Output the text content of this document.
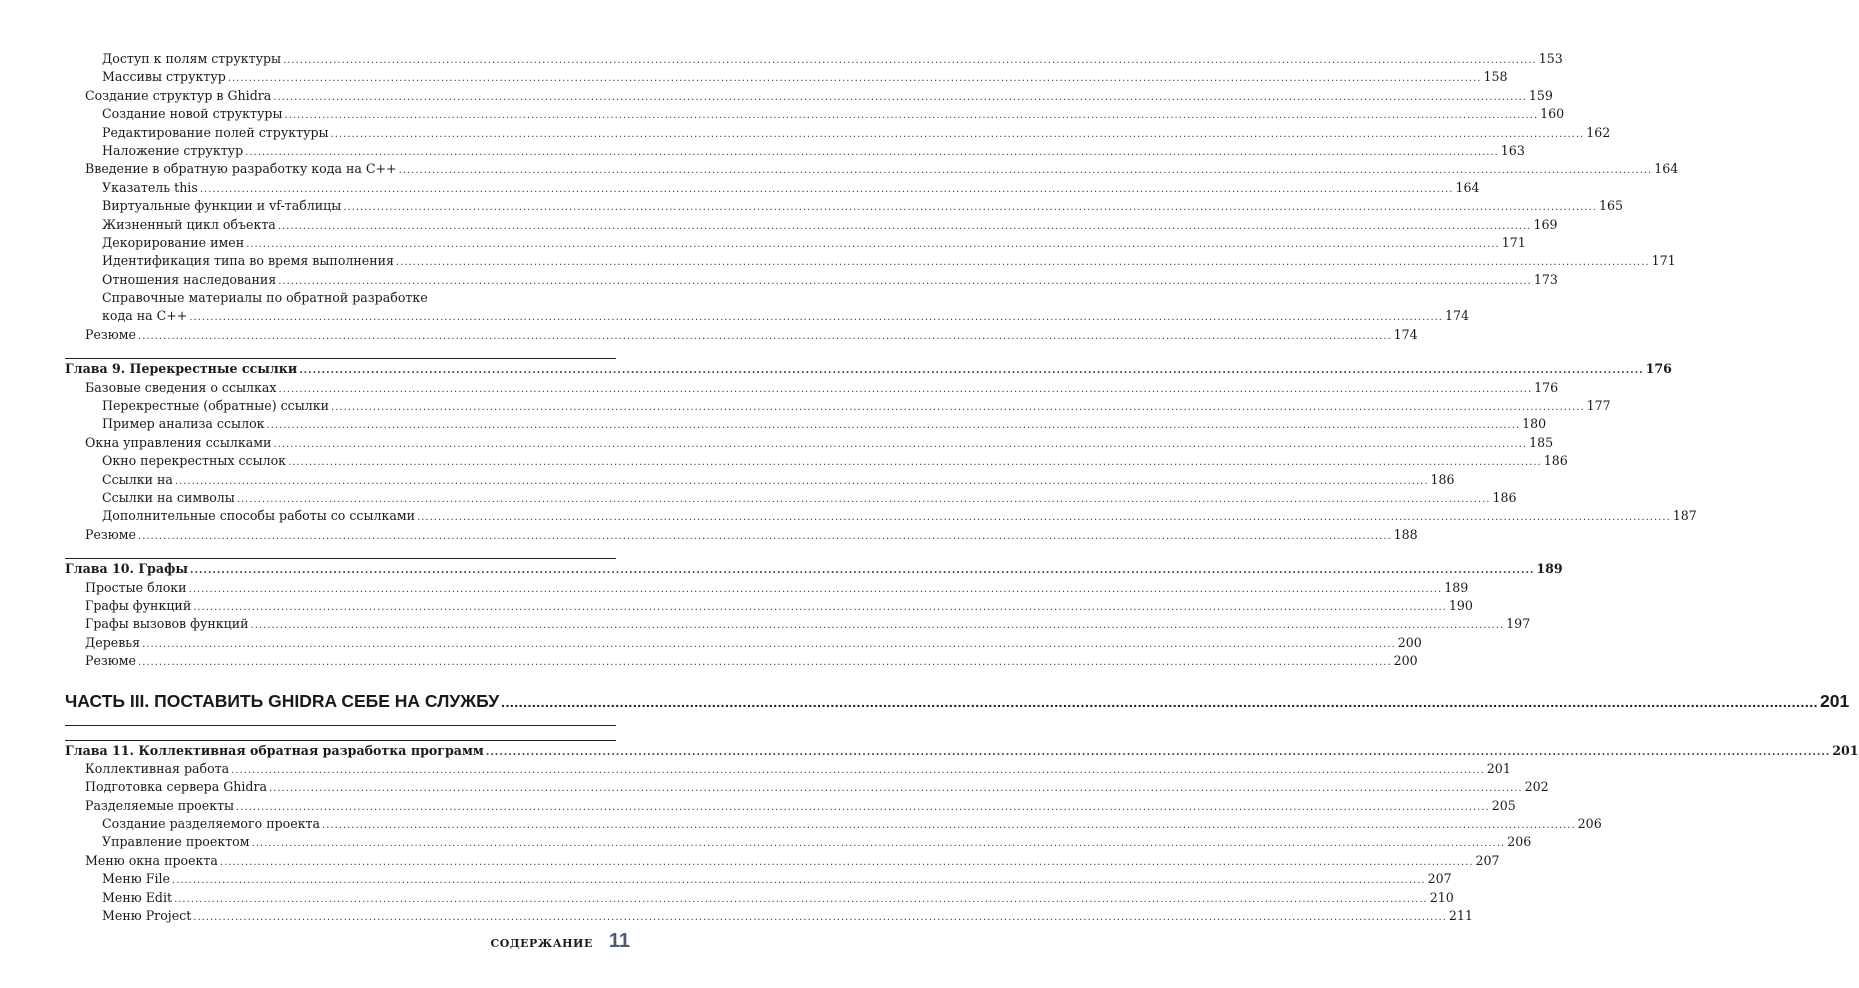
Доступ к полям структуры ............................................................................................................................................................................................................................................................................................................ 153
Массивы структур ............................................................................................................................................................................................................................................................................................................ 158
Создание структур в Ghidra ............................................................................................................................................................................................................................................................................................................ 159
Создание новой структуры ............................................................................................................................................................................................................................................................................................................ 160
Редактирование полей структуры ............................................................................................................................................................................................................................................................................................................ 162
Наложение структур ............................................................................................................................................................................................................................................................................................................ 163
Введение в обратную разработку кода на C++ ............................................................................................................................................................................................................................................................................................................ 164
Указатель this ............................................................................................................................................................................................................................................................................................................ 164
Виртуальные функции и vf-таблицы ............................................................................................................................................................................................................................................................................................................ 165
Жизненный цикл объекта ............................................................................................................................................................................................................................................................................................................ 169
Декорирование имен ............................................................................................................................................................................................................................................................................................................ 171
Идентификация типа во время выполнения ............................................................................................................................................................................................................................................................................................................ 171
Отношения наследования ............................................................................................................................................................................................................................................................................................................ 173
Справочные материалы по обратной разработке
кода на C++ ............................................................................................................................................................................................................................................................................................................ 174
Резюме ............................................................................................................................................................................................................................................................................................................ 174
Глава 9. Перекрестные ссылки ............................................................................................................................................................................................................................................................................................................ 176
Базовые сведения о ссылках ............................................................................................................................................................................................................................................................................................................ 176
Перекрестные (обратные) ссылки ............................................................................................................................................................................................................................................................................................................ 177
Пример анализа ссылок ............................................................................................................................................................................................................................................................................................................ 180
Окна управления ссылками ............................................................................................................................................................................................................................................................................................................ 185
Окно перекрестных ссылок ............................................................................................................................................................................................................................................................................................................ 186
Ссылки на ............................................................................................................................................................................................................................................................................................................ 186
Ссылки на символы ............................................................................................................................................................................................................................................................................................................ 186
Дополнительные способы работы со ссылками ............................................................................................................................................................................................................................................................................................................ 187
Резюме ............................................................................................................................................................................................................................................................................................................ 188
Глава 10. Графы ............................................................................................................................................................................................................................................................................................................ 189
Простые блоки ............................................................................................................................................................................................................................................................................................................ 189
Графы функций ............................................................................................................................................................................................................................................................................................................ 190
Графы вызовов функций ............................................................................................................................................................................................................................................................................................................ 197
Деревья ............................................................................................................................................................................................................................................................................................................ 200
Резюме ............................................................................................................................................................................................................................................................................................................ 200
ЧАСТЬ III. ПОСТАВИТЬ GHIDRA СЕБЕ НА СЛУЖБУ ............................................................................................................................................................................................................................................................................................................ 201
Глава 11. Коллективная обратная разработка программ ............................................................................................................................................................................................................................................................................................................ 201
Коллективная работа ............................................................................................................................................................................................................................................................................................................ 201
Подготовка сервера Ghidra ............................................................................................................................................................................................................................................................................................................ 202
Разделяемые проекты ............................................................................................................................................................................................................................................................................................................ 205
Создание разделяемого проекта ............................................................................................................................................................................................................................................................................................................ 206
Управление проектом ............................................................................................................................................................................................................................................................................................................ 206
Меню окна проекта ............................................................................................................................................................................................................................................................................................................ 207
Меню File ............................................................................................................................................................................................................................................................................................................ 207
Меню Edit ............................................................................................................................................................................................................................................................................................................ 210
Меню Project ............................................................................................................................................................................................................................................................................................................ 211
СОДЕРЖАНИЕ 11
